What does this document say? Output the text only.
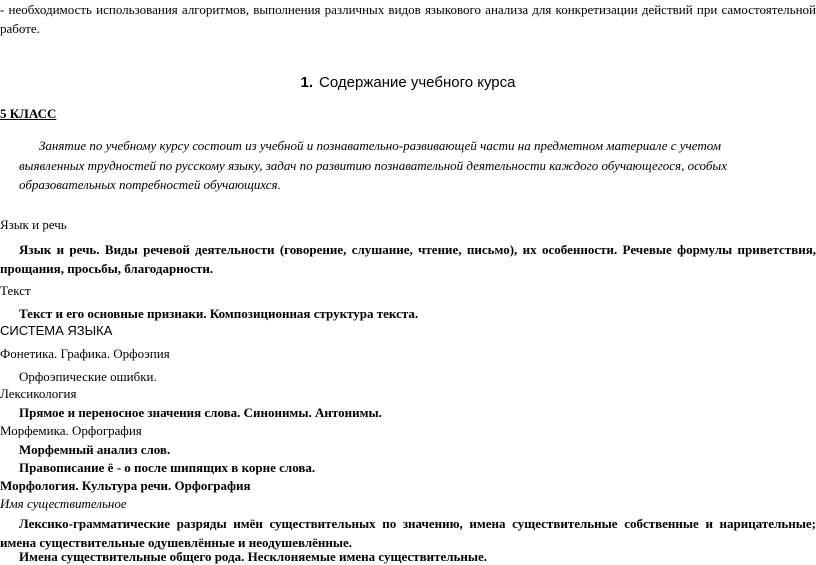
- необходимость использования алгоритмов, выполнения различных видов языкового анализа для конкретизации действий при самостоятельной работе.

1. Содержание учебного курса
5 КЛАСС

Занятие по учебному курсу состоит из учебной и познавательно-развивающей части на предметном материале с учетом выявленных трудностей по русскому языку, задач по развитию познавательной деятельности каждого обучающегося, особых образовательных потребностей обучающихся.

Язык и речь

Язык и речь. Виды речевой деятельности (говорение, слушание, чтение, письмо), их особенности. Речевые формулы приветствия, прощания, просьбы, благодарности.

Текст
Текст и его основные признаки. Композиционная структура текста.
СИСТЕМА ЯЗЫКА
Фонетика. Графика. Орфоэпия
Орфоэпические ошибки.
Лексикология
Прямое и переносное значения слова. Синонимы. Антонимы.
Морфемика. Орфография
Морфемный анализ слов.
Правописание ё - о после шипящих в корне слова.
Морфология. Культура речи. Орфография
Имя существительное

Лексико-грамматические разряды имён существительных по значению, имена существительные собственные и нарицательные; имена существительные одушевлённые и неодушевлённые.

Имена существительные общего рода. Несклоняемые имена существительные.
